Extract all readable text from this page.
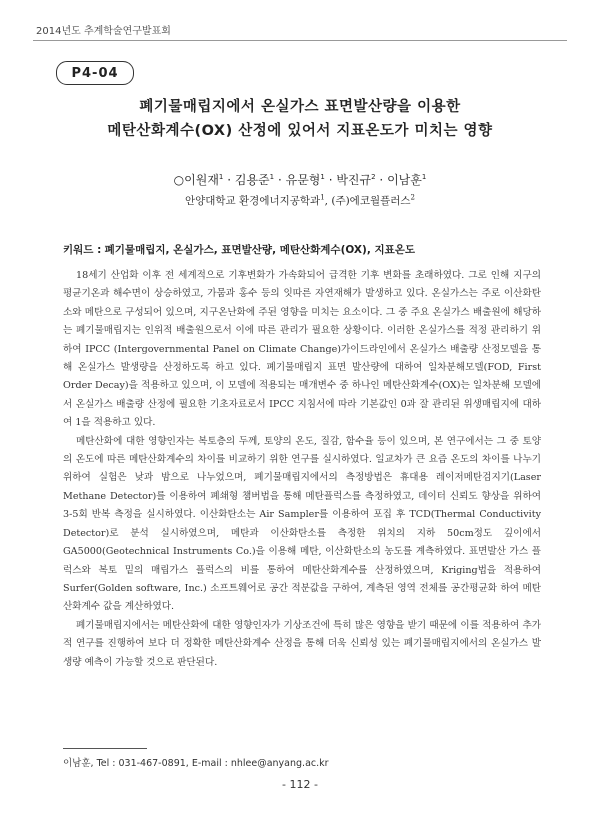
2014년도 추계학술연구발표회
P4-04
폐기물매립지에서 온실가스 표면발산량을 이용한
메탄산화계수(OX) 산정에 있어서 지표온도가 미치는 영향
○이원재$^1$ · 김용준$^1$ · 유문형$^1$ · 박진규$^2$ · 이남훈$^1$
안양대학교 환경에너지공학과$^1$, (주)에코월플러스$^2$
키워드 : 폐기물매립지, 온실가스, 표면발산량, 메탄산화계수(OX), 지표온도

18세기 산업화 이후 전 세계적으로 기후변화가 가속화되어 급격한 기후 변화를 초래하였다. 그로 인해 지구의 평균기온과 해수면이 상승하였고, 가뭄과 홍수 등의 잇따른 자연재해가 발생하고 있다. 온실가스는 주로 이산화탄소와 메탄으로 구성되어 있으며, 지구온난화에 주된 영향을 미치는 요소이다. 그 중 주요 온실가스 배출원에 해당하는 폐기물매립지는 인위적 배출원으로서 이에 따른 관리가 필요한 상황이다. 이러한 온실가스를 적정 관리하기 위하여 IPCC (Intergovernmental Panel on Climate Change)가이드라인에서 온실가스 배출량 산정모델을 통해 온실가스 발생량을 산정하도록 하고 있다. 폐기물매립지 표면 발산량에 대하여 일차분해모델(FOD, First Order Decay)을 적용하고 있으며, 이 모델에 적용되는 매개변수 중 하나인 메탄산화계수(OX)는 일차분해 모델에서 온실가스 배출량 산정에 필요한 기초자료로서 IPCC 지침서에 따라 기본값인 0과 잘 관리된 위생매립지에 대하여 1을 적용하고 있다.

메탄산화에 대한 영향인자는 복토층의 두께, 토양의 온도, 질감, 함수율 등이 있으며, 본 연구에서는 그 중 토양의 온도에 따른 메탄산화계수의 차이를 비교하기 위한 연구를 실시하였다. 일교차가 큰 요즘 온도의 차이를 나누기 위하여 실험은 낮과 밤으로 나누었으며, 폐기물매립지에서의 측정방법은 휴대용 레이저메탄검지기(Laser Methane Detector)를 이용하여 폐쇄형 챔버법을 통해 메탄플럭스를 측정하였고, 데이터 신뢰도 향상을 위하여 3-5회 반복 측정을 실시하였다. 이산화탄소는 Air Sampler를 이용하여 포집 후 TCD(Thermal Conductivity Detector)로 분석 실시하였으며, 메탄과 이산화탄소를 측정한 위치의 지하 50cm정도 깊이에서 GA5000(Geotechnical Instruments Co.)을 이용해 메탄, 이산화탄소의 농도를 계측하였다. 표면발산 가스 플럭스와 복토 밑의 매립가스 플럭스의 비를 통하여 메탄산화계수를 산정하였으며, Kriging법을 적용하여 Surfer(Golden software, Inc.) 소프트웨어로 공간 적분값을 구하여, 계측된 영역 전체를 공간평균화 하여 메탄산화계수 값을 계산하였다.

폐기물매립지에서는 메탄산화에 대한 영향인자가 기상조건에 특히 많은 영향을 받기 때문에 이를 적용하여 추가적 연구를 진행하여 보다 더 정확한 메탄산화계수 산정을 통해 더욱 신뢰성 있는 폐기물매립지에서의 온실가스 발생량 예측이 가능할 것으로 판단된다.

이남훈, Tel : 031-467-0891, E-mail : nhlee@anyang.ac.kr
- 112 -
